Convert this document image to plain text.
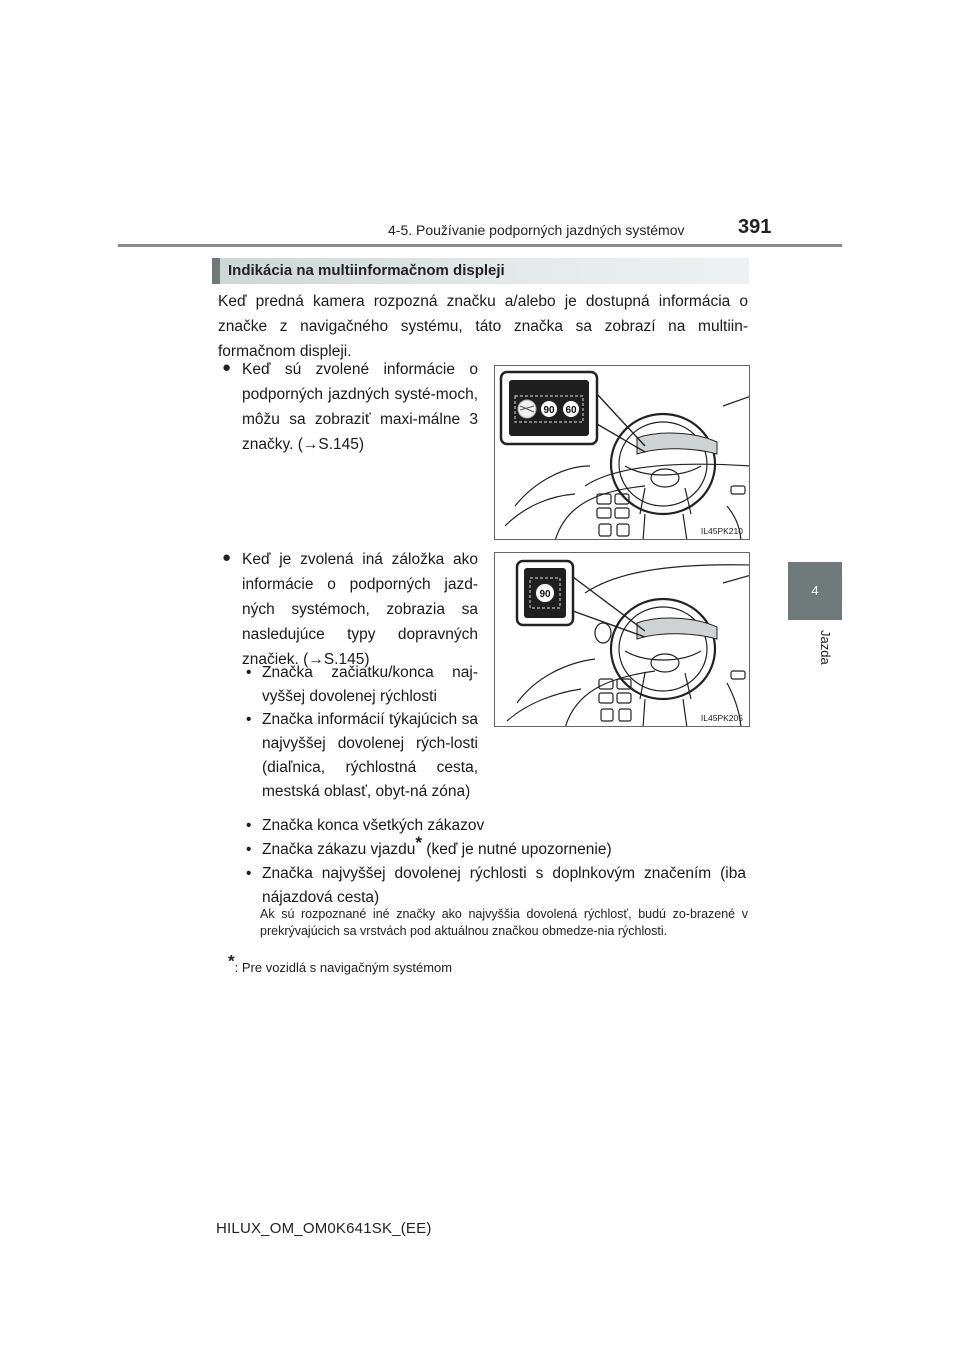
4-5. Používanie podporných jazdných systémov	391
4
Jazda
Indikácia na multiinformačnom displeji
Keď predná kamera rozpozná značku a/alebo je dostupná informácia o značke z navigačného systému, táto značka sa zobrazí na multiin-formačnom displeji.
● Keď sú zvolené informácie o podporných jazdných systé-moch, môžu sa zobraziť maxi-málne 3 značky. (→S.145)
90 60
IL45PK210
● Keď je zvolená iná záložka ako informácie o podporných jazd-ných systémoch, zobrazia sa nasledujúce typy dopravných značiek. (→S.145)
• Značka začiatku/konca naj-vyššej dovolenej rýchlosti
• Značka informácií týkajúcich sa najvyššej dovolenej rých-losti (diaľnica, rýchlostná cesta, mestská oblasť, obyt-ná zóna)
• Značka konca všetkých zákazov
• Značka zákazu vjazdu* (keď je nutné upozornenie)
• Značka najvyššej dovolenej rýchlosti s doplnkovým značením (iba nájazdová cesta)
90
IL45PK205
Ak sú rozpoznané iné značky ako najvyššia dovolená rýchlosť, budú zo-brazené v prekrývajúcich sa vrstvách pod aktuálnou značkou obmedze-nia rýchlosti.
*: Pre vozidlá s navigačným systémom
HILUX_OM_OM0K641SK_(EE)
